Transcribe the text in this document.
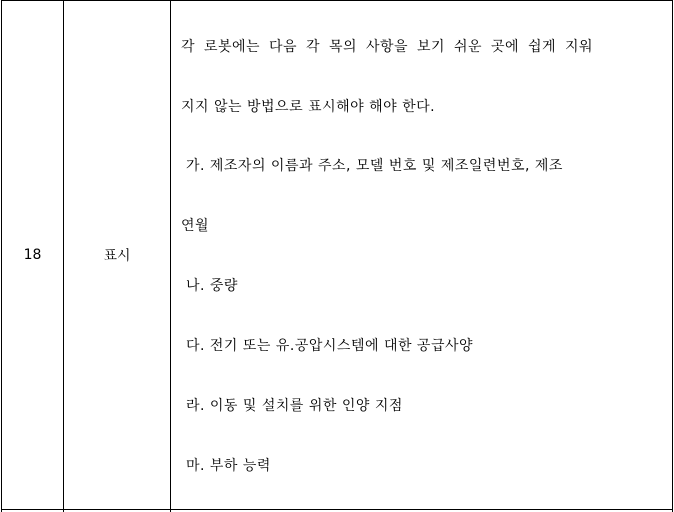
18	표시
각 로봇에는 다음 각 목의 사항을 보기 쉬운 곳에 쉽게 지워
지지 않는 방법으로 표시해야 해야 한다.
가. 제조자의 이름과 주소, 모델 번호 및 제조일련번호, 제조
연월
나. 중량
다. 전기 또는 유.공압시스템에 대한 공급사양
라. 이동 및 설치를 위한 인양 지점
마. 부하 능력
